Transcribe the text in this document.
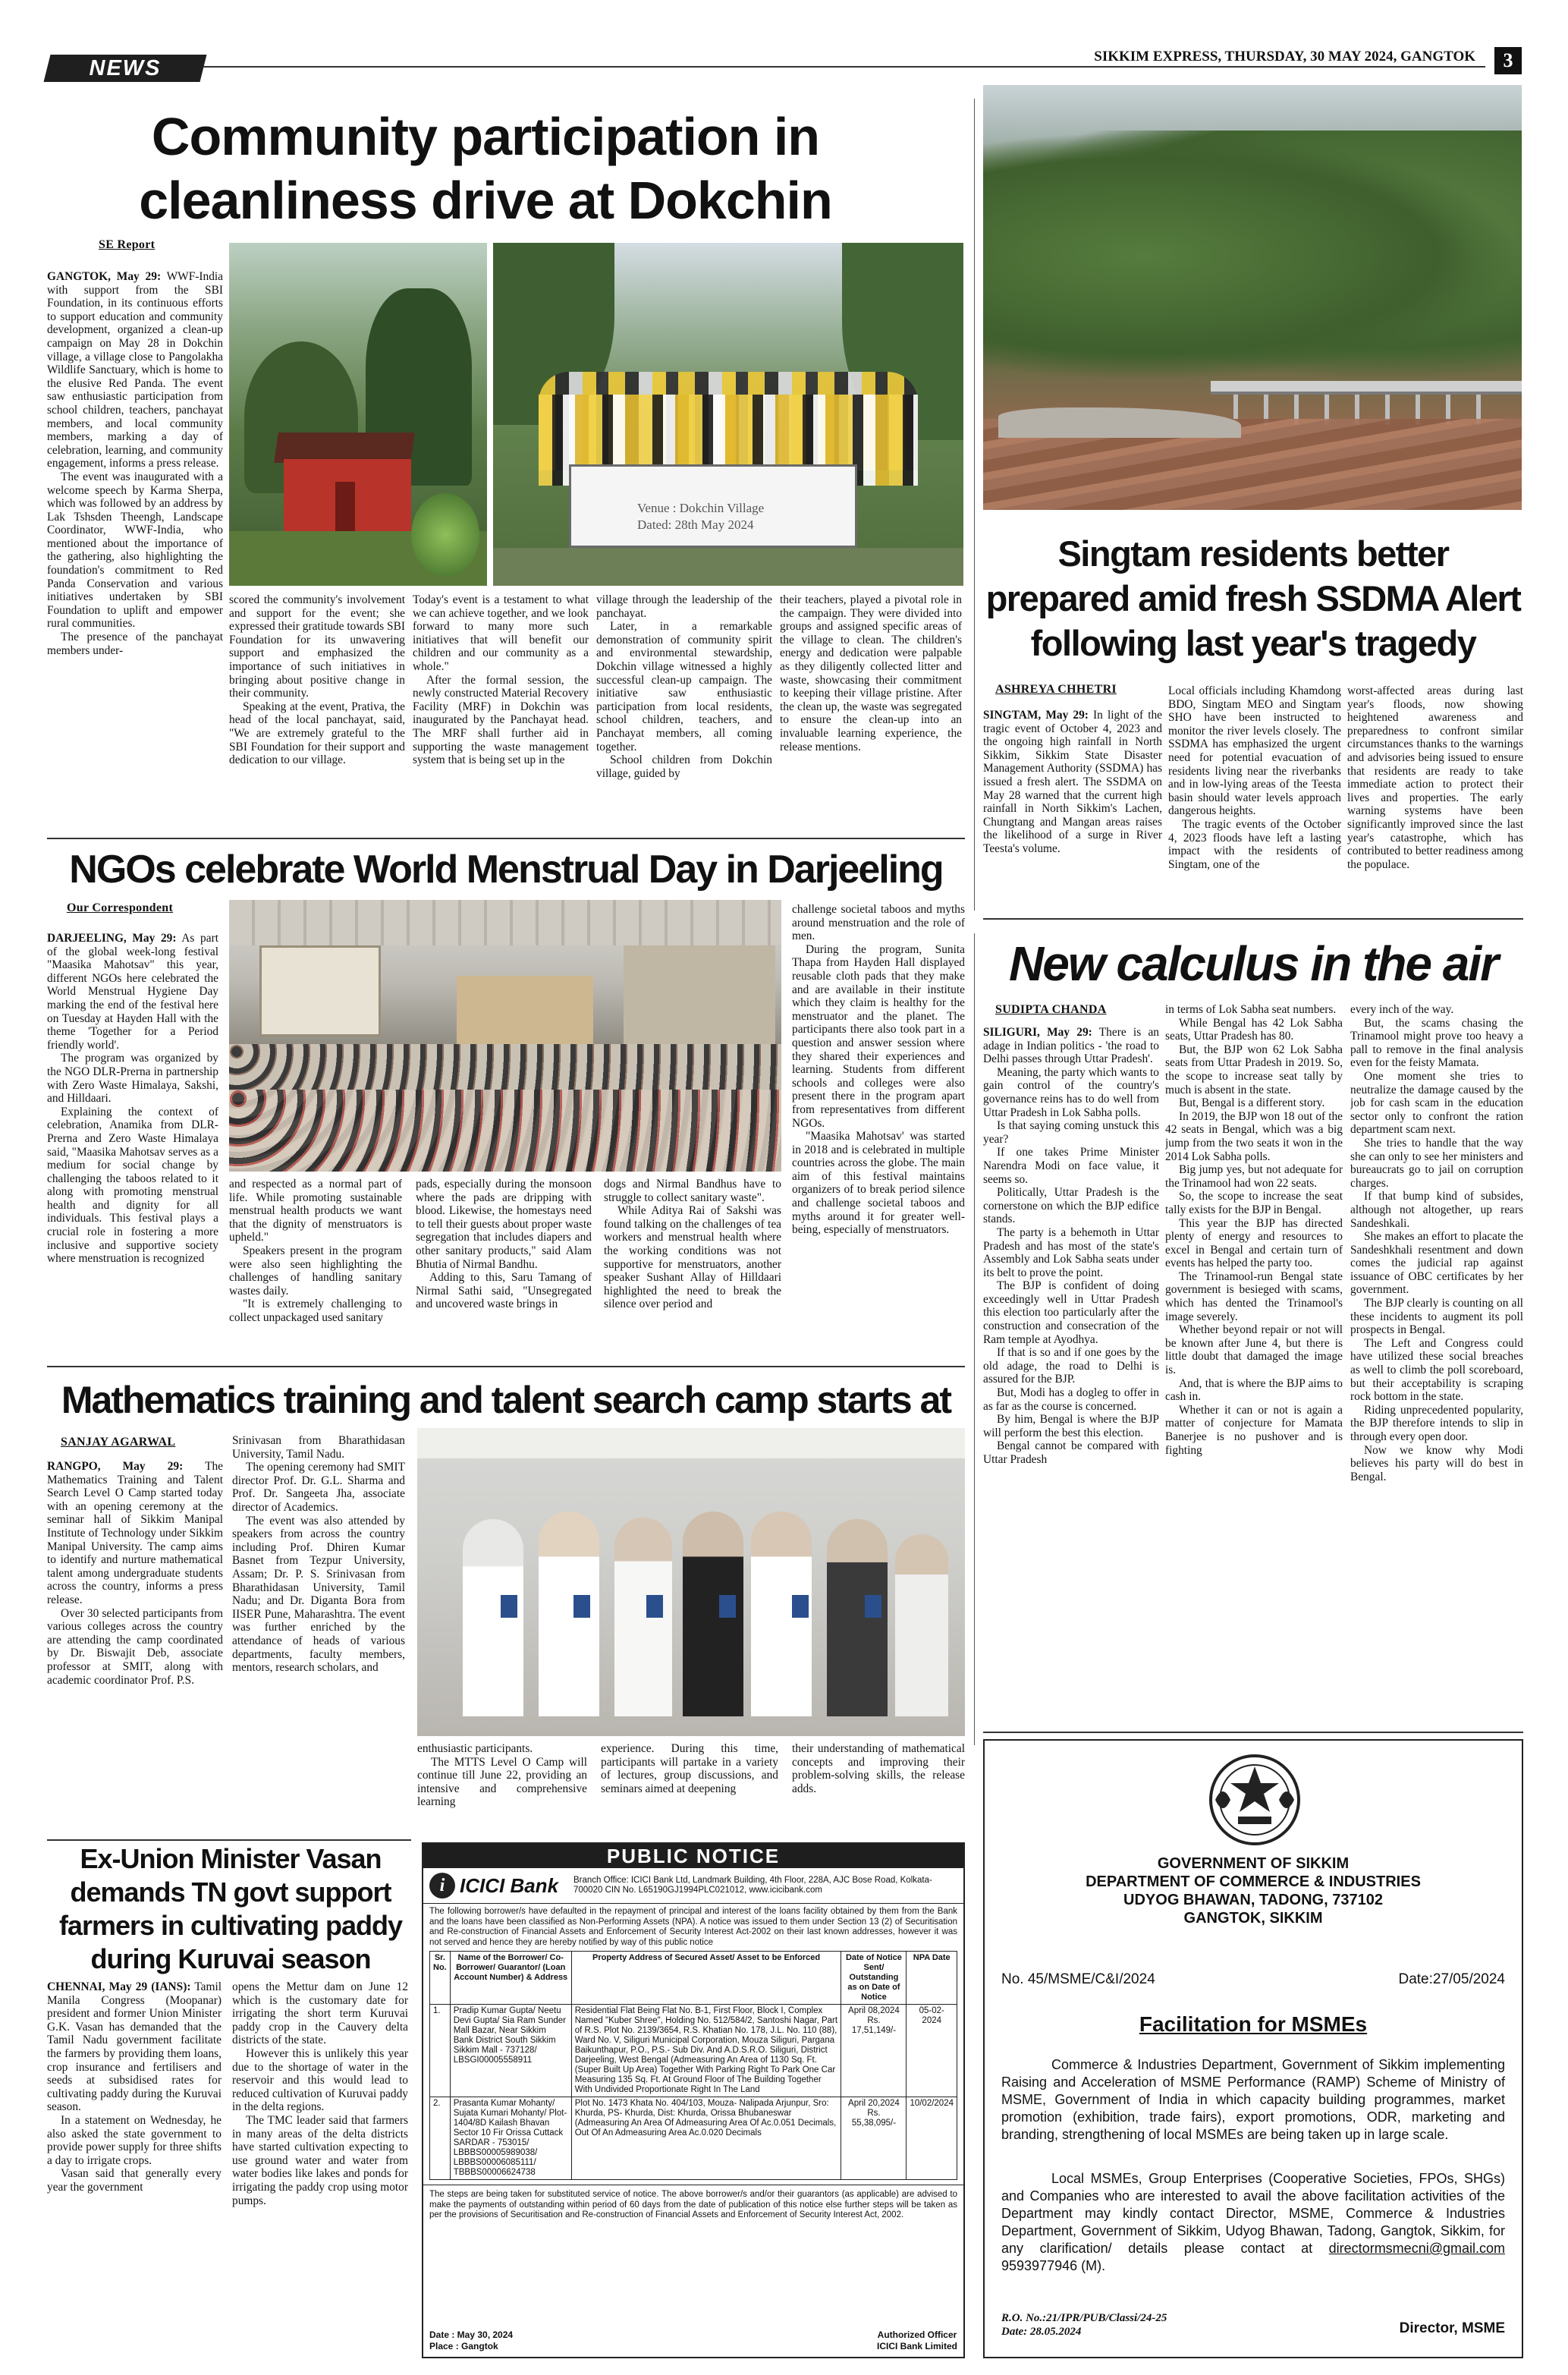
NEWS	SIKKIM EXPRESS, THURSDAY, 30 MAY 2024, GANGTOK	3
Community participation in cleanliness drive at Dokchin
SE Report

GANGTOK, May 29: WWF-India with support from the SBI Foundation, in its continuous efforts to support education and community development, organized a clean-up campaign on May 28 in Dokchin village, a village close to Pangolakha Wildlife Sanctuary, which is home to the elusive Red Panda. The event saw enthusiastic participation from school children, teachers, panchayat members, and local community members, marking a day of celebration, learning, and community engagement, informs a press release.

The event was inaugurated with a welcome speech by Karma Sherpa, which was followed by an address by Lak Tshsden Theengh, Landscape Coordinator, WWF-India, who mentioned about the importance of the gathering, also highlighting the foundation's commitment to Red Panda Conservation and various initiatives undertaken by SBI Foundation to uplift and empower rural communities.

The presence of the panchayat members under-

Venue : Dokchin Village
Dated: 28th May 2024

scored the community's involvement and support for the event; she expressed their gratitude towards SBI Foundation for its unwavering support and emphasized the importance of such initiatives in bringing about positive change in their community.

Speaking at the event, Prativa, the head of the local panchayat, said, "We are extremely grateful to the SBI Foundation for their support and dedication to our village.

Today's event is a testament to what we can achieve together, and we look forward to many more such initiatives that will benefit our children and our community as a whole."

After the formal session, the newly constructed Material Recovery Facility (MRF) in Dokchin was inaugurated by the Panchayat head. The MRF shall further aid in supporting the waste management system that is being set up in the

village through the leadership of the panchayat.

Later, in a remarkable demonstration of community spirit and environmental stewardship, Dokchin village witnessed a highly successful clean-up campaign. The initiative saw enthusiastic participation from local residents, school children, teachers, and Panchayat members, all coming together.

School children from Dokchin village, guided by

their teachers, played a pivotal role in the campaign. They were divided into groups and assigned specific areas of the village to clean. The children's energy and dedication were palpable as they diligently collected litter and waste, showcasing their commitment to keeping their village pristine. After the clean up, the waste was segregated to ensure the clean-up into an invaluable learning experience, the release mentions.

Singtam residents better prepared amid fresh SSDMA Alert following last year's tragedy
ASHREYA CHHETRI

SINGTAM, May 29: In light of the tragic event of October 4, 2023 and the ongoing high rainfall in North Sikkim, Sikkim State Disaster Management Authority (SSDMA) has issued a fresh alert. The SSDMA on May 28 warned that the current high rainfall in North Sikkim's Lachen, Chungtang and Mangan areas raises the likelihood of a surge in River Teesta's volume.

Local officials including Khamdong BDO, Singtam MEO and Singtam SHO have been instructed to monitor the river levels closely. The SSDMA has emphasized the urgent need for potential evacuation of residents living near the riverbanks and in low-lying areas of the Teesta basin should water levels approach dangerous heights.

The tragic events of the October 4, 2023 floods have left a lasting impact with the residents of Singtam, one of the

worst-affected areas during last year's floods, now showing heightened awareness and preparedness to confront similar circumstances thanks to the warnings and advisories being issued to ensure that residents are ready to take immediate action to protect their lives and properties. The early warning systems have been significantly improved since the last year's catastrophe, which has contributed to better readiness among the populace.

NGOs celebrate World Menstrual Day in Darjeeling
Our Correspondent

DARJEELING, May 29: As part of the global week-long festival "Maasika Mahotsav" this year, different NGOs here celebrated the World Menstrual Hygiene Day marking the end of the festival here on Tuesday at Hayden Hall with the theme 'Together for a Period friendly world'.

The program was organized by the NGO DLR-Prerna in partnership with Zero Waste Himalaya, Sakshi, and Hilldaari.

Explaining the context of celebration, Anamika from DLR-Prerna and Zero Waste Himalaya said, "Maasika Mahotsav serves as a medium for social change by challenging the taboos related to it along with promoting menstrual health and dignity for all individuals. This festival plays a crucial role in fostering a more inclusive and supportive society where menstruation is recognized

and respected as a normal part of life. While promoting sustainable menstrual health products we want that the dignity of menstruators is upheld."

Speakers present in the program were also seen highlighting the challenges of handling sanitary wastes daily.

"It is extremely challenging to collect unpackaged used sanitary

pads, especially during the monsoon where the pads are dripping with blood. Likewise, the homestays need to tell their guests about proper waste segregation that includes diapers and other sanitary products," said Alam Bhutia of Nirmal Bandhu.

Adding to this, Saru Tamang of Nirmal Sathi said, "Unsegregated and uncovered waste brings in

dogs and Nirmal Bandhus have to struggle to collect sanitary waste".

While Aditya Rai of Sakshi was found talking on the challenges of tea workers and menstrual health where the working conditions was not supportive for menstruators, another speaker Sushant Allay of Hilldaari highlighted the need to break the silence over period and

challenge societal taboos and myths around menstruation and the role of men.

During the program, Sunita Thapa from Hayden Hall displayed reusable cloth pads that they make and are available in their institute which they claim is healthy for the menstruator and the planet. The participants there also took part in a question and answer session where they shared their experiences and learning. Students from different schools and colleges were also present there in the program apart from representatives from different NGOs.

"Maasika Mahotsav' was started in 2018 and is celebrated in multiple countries across the globe. The main aim of this festival maintains organizers of to break period silence and challenge societal taboos and myths around it for greater well-being, especially of menstruators.

New calculus in the air
SUDIPTA CHANDA

SILIGURI, May 29: There is an adage in Indian politics - 'the road to Delhi passes through Uttar Pradesh'.

Meaning, the party which wants to gain control of the country's governance reins has to do well from Uttar Pradesh in Lok Sabha polls.

Is that saying coming unstuck this year?

If one takes Prime Minister Narendra Modi on face value, it seems so.

Politically, Uttar Pradesh is the cornerstone on which the BJP edifice stands.

The party is a behemoth in Uttar Pradesh and has most of the state's Assembly and Lok Sabha seats under its belt to prove the point.

The BJP is confident of doing exceedingly well in Uttar Pradesh this election too particularly after the construction and consecration of the Ram temple at Ayodhya.

If that is so and if one goes by the old adage, the road to Delhi is assured for the BJP.

But, Modi has a dogleg to offer in as far as the course is concerned.

By him, Bengal is where the BJP will perform the best this election.

Bengal cannot be compared with Uttar Pradesh

in terms of Lok Sabha seat numbers.

While Bengal has 42 Lok Sabha seats, Uttar Pradesh has 80.

But, the BJP won 62 Lok Sabha seats from Uttar Pradesh in 2019. So, the scope to increase seat tally by much is absent in the state.

But, Bengal is a different story.

In 2019, the BJP won 18 out of the 42 seats in Bengal, which was a big jump from the two seats it won in the 2014 Lok Sabha polls.

Big jump yes, but not adequate for the Trinamool had won 22 seats.

So, the scope to increase the seat tally exists for the BJP in Bengal.

This year the BJP has directed plenty of energy and resources to excel in Bengal and certain turn of events has helped the party too.

The Trinamool-run Bengal state government is besieged with scams, which has dented the Trinamool's image severely.

Whether beyond repair or not will be known after June 4, but there is little doubt that damaged the image is.

And, that is where the BJP aims to cash in.

Whether it can or not is again a matter of conjecture for Mamata Banerjee is no pushover and is fighting

every inch of the way.

But, the scams chasing the Trinamool might prove too heavy a pall to remove in the final analysis even for the feisty Mamata.

One moment she tries to neutralize the damage caused by the job for cash scam in the education sector only to confront the ration department scam next.

She tries to handle that the way she can only to see her ministers and bureaucrats go to jail on corruption charges.

If that bump kind of subsides, although not altogether, up rears Sandeshkali.

She makes an effort to placate the Sandeshkhali resentment and down comes the judicial rap against issuance of OBC certificates by her government.

The BJP clearly is counting on all these incidents to augment its poll prospects in Bengal.

The Left and Congress could have utilized these social breaches as well to climb the poll scoreboard, but their acceptability is scraping rock bottom in the state.

Riding unprecedented popularity, the BJP therefore intends to slip in through every open door.

Now we know why Modi believes his party will do best in Bengal.

Mathematics training and talent search camp starts at
SANJAY AGARWAL

RANGPO, May 29: The Mathematics Training and Talent Search Level O Camp started today with an opening ceremony at the seminar hall of Sikkim Manipal Institute of Technology under Sikkim Manipal University. The camp aims to identify and nurture mathematical talent among undergraduate students across the country, informs a press release.

Over 30 selected participants from various colleges across the country are attending the camp coordinated by Dr. Biswajit Deb, associate professor at SMIT, along with academic coordinator Prof. P.S.

Srinivasan from Bharathidasan University, Tamil Nadu.

The opening ceremony had SMIT director Prof. Dr. G.L. Sharma and Prof. Dr. Sangeeta Jha, associate director of Academics.

The event was also attended by speakers from across the country including Prof. Dhiren Kumar Basnet from Tezpur University, Assam; Dr. P. S. Srinivasan from Bharathidasan University, Tamil Nadu; and Dr. Diganta Bora from IISER Pune, Maharashtra. The event was further enriched by the attendance of heads of various departments, faculty members, mentors, research scholars, and

enthusiastic participants.

The MTTS Level O Camp will continue till June 22, providing an intensive and comprehensive learning

experience. During this time, participants will partake in a variety of lectures, group discussions, and seminars aimed at deepening

their understanding of mathematical concepts and improving their problem-solving skills, the release adds.

Ex-Union Minister Vasan demands TN govt support farmers in cultivating paddy during Kuruvai season

CHENNAI, May 29 (IANS): Tamil Manila Congress (Moopanar) president and former Union Minister G.K. Vasan has demanded that the Tamil Nadu government facilitate the farmers by providing them loans, crop insurance and fertilisers and seeds at subsidised rates for cultivating paddy during the Kuruvai season.

In a statement on Wednesday, he also asked the state government to provide power supply for three shifts a day to irrigate crops.

Vasan said that generally every year the government

opens the Mettur dam on June 12 which is the customary date for irrigating the short term Kuruvai paddy crop in the Cauvery delta districts of the state.

However this is unlikely this year due to the shortage of water in the reservoir and this would lead to reduced cultivation of Kuruvai paddy in the delta regions.

The TMC leader said that farmers in many areas of the delta districts have started cultivation expecting to use ground water and water from water bodies like lakes and ponds for irrigating the paddy crop using motor pumps.

PUBLIC NOTICE
i ICICI Bank Branch Office: ICICI Bank Ltd, Landmark Building, 4th Floor, 228A, AJC Bose Road, Kolkata- 700020 CIN No. L65190GJ1994PLC021012, www.icicibank.com
The following borrower/s have defaulted in the repayment of principal and interest of the loans facility obtained by them from the Bank and the loans have been classified as Non-Performing Assets (NPA). A notice was issued to them under Section 13 (2) of Securitisation and Re-construction of Financial Assets and Enforcement of Security Interest Act-2002 on their last known addresses, however it was not served and hence they are hereby notified by way of this public notice
Sr. No.	Name of the Borrower/ Co-Borrower/ Guarantor/ (Loan Account Number) & Address	Property Address of Secured Asset/ Asset to be Enforced	Date of Notice Sent/ Outstanding as on Date of Notice	NPA Date
1.	Pradip Kumar Gupta/ Neetu Devi Gupta/ Sia Ram Sunder Mall Bazar, Near Sikkim Bank District South Sikkim Sikkim Mall - 737128/ LBSGI00005558911	Residential Flat Being Flat No. B-1, First Floor, Block I, Complex Named "Kuber Shree", Holding No. 512/584/2, Santoshi Nagar, Part of R.S. Plot No. 2139/3654, R.S. Khatian No. 178, J.L. No. 110 (88), Ward No. V, Siliguri Municipal Corporation, Mouza Siliguri, Pargana Baikunthapur, P.O., P.S.- Sub Div. And A.D.S.R.O. Siliguri, District Darjeeling, West Bengal (Admeasuring An Area of 1130 Sq. Ft. (Super Built Up Area) Together With Parking Right To Park One Car Measuring 135 Sq. Ft. At Ground Floor of The Building Together With Undivided Proportionate Right In The Land	April 08,2024 Rs. 17,51,149/-	05-02-2024
2.	Prasanta Kumar Mohanty/ Sujata Kumari Mohanty/ Plot- 1404/8D Kailash Bhavan Sector 10 Fir Orissa Cuttack SARDAR - 753015/ LBBBS00005989038/ LBBBS00006085111/ TBBBS00006624738	Plot No. 1473 Khata No. 404/103, Mouza- Nalipada Arjunpur, Sro: Khurda, PS- Khurda, Dist: Khurda, Orissa Bhubaneswar (Admeasuring An Area Of Admeasuring Area Of Ac.0.051 Decimals, Out Of An Admeasuring Area Ac.0.020 Decimals	April 20,2024 Rs. 55,38,095/-	10/02/2024
The steps are being taken for substituted service of notice. The above borrower/s and/or their guarantors (as applicable) are advised to make the payments of outstanding within period of 60 days from the date of publication of this notice else further steps will be taken as per the provisions of Securitisation and Re-construction of Financial Assets and Enforcement of Security Interest Act, 2002.
Date : May 30, 2024
Place : Gangtok
Authorized Officer
ICICI Bank Limited
GOVERNMENT OF SIKKIM
DEPARTMENT OF COMMERCE & INDUSTRIES
UDYOG BHAWAN, TADONG, 737102
GANGTOK, SIKKIM
No. 45/MSME/C&I/2024	Date:27/05/2024
Facilitation for MSMEs
Commerce & Industries Department, Government of Sikkim implementing Raising and Acceleration of MSME Performance (RAMP) Scheme of Ministry of MSME, Government of India in which capacity building programmes, market promotion (exhibition, trade fairs), export promotions, ODR, marketing and branding, strengthening of local MSMEs are being taken up in large scale.
Local MSMEs, Group Enterprises (Cooperative Societies, FPOs, SHGs) and Companies who are interested to avail the above facilitation activities of the Department may kindly contact Director, MSME, Commerce & Industries Department, Government of Sikkim, Udyog Bhawan, Tadong, Gangtok, Sikkim, for any clarification/ details please contact at directormsmecni@gmail.com 9593977946 (M).
R.O. No.:21/IPR/PUB/Classi/24-25
Date: 28.05.2024	Director, MSME
